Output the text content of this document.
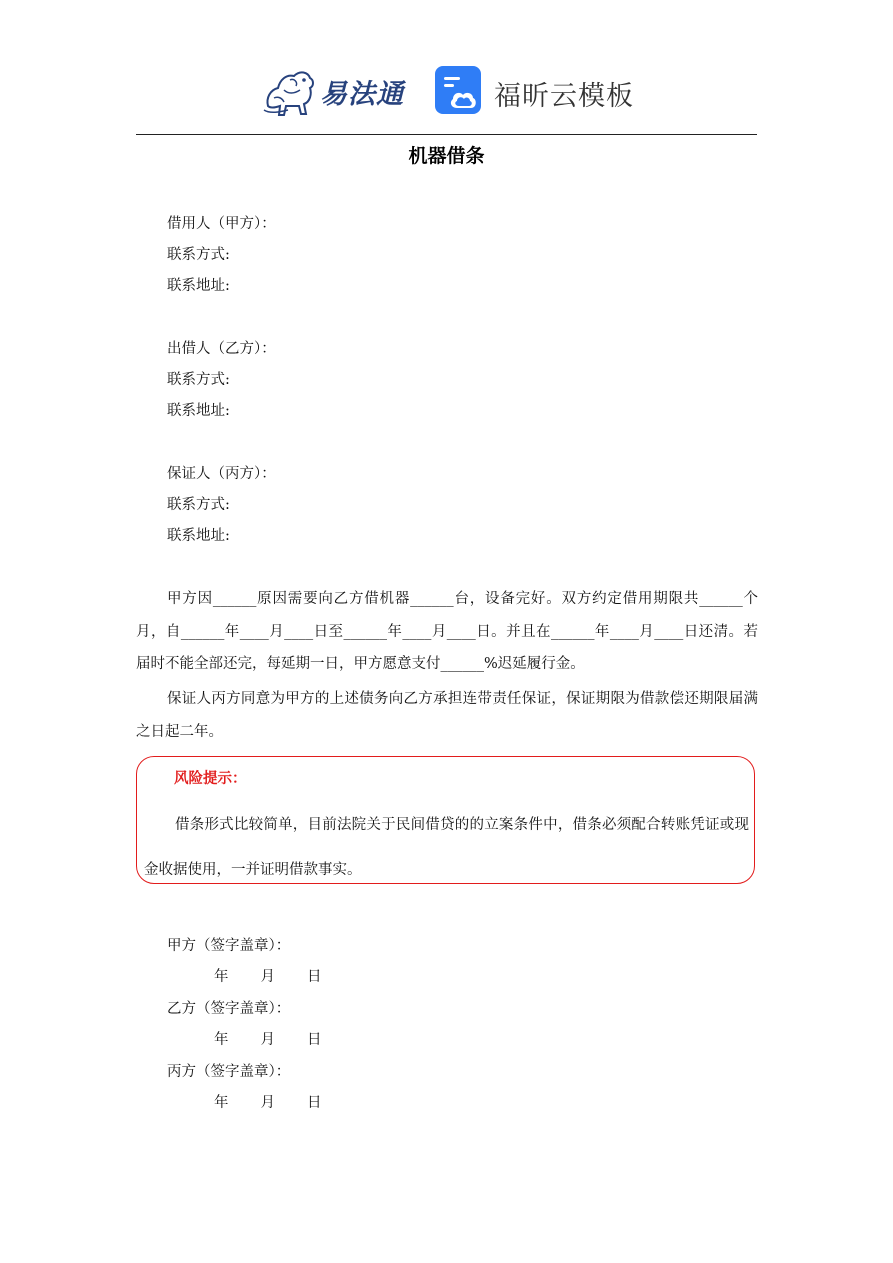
易法通	福昕云模板
机器借条
借用人（甲方）：
联系方式:
联系地址:
出借人（乙方）：
联系方式:
联系地址:
保证人（丙方）：
联系方式:
联系地址:
甲方因______原因需要向乙方借机器______台，设备完好。双方约定借用期限共______个月，自______年____月____日至______年____月____日。并且在______年____月____日还清。若届时不能全部还完，每延期一日，甲方愿意支付______%迟延履行金。
保证人丙方同意为甲方的上述债务向乙方承担连带责任保证，保证期限为借款偿还期限届满之日起二年。
风险提示：
借条形式比较简单，目前法院关于民间借贷的的立案条件中，借条必须配合转账凭证或现金收据使用，一并证明借款事实。
甲方（签字盖章）：
年 月 日
乙方（签字盖章）：
年 月 日
丙方（签字盖章）：
年 月 日
